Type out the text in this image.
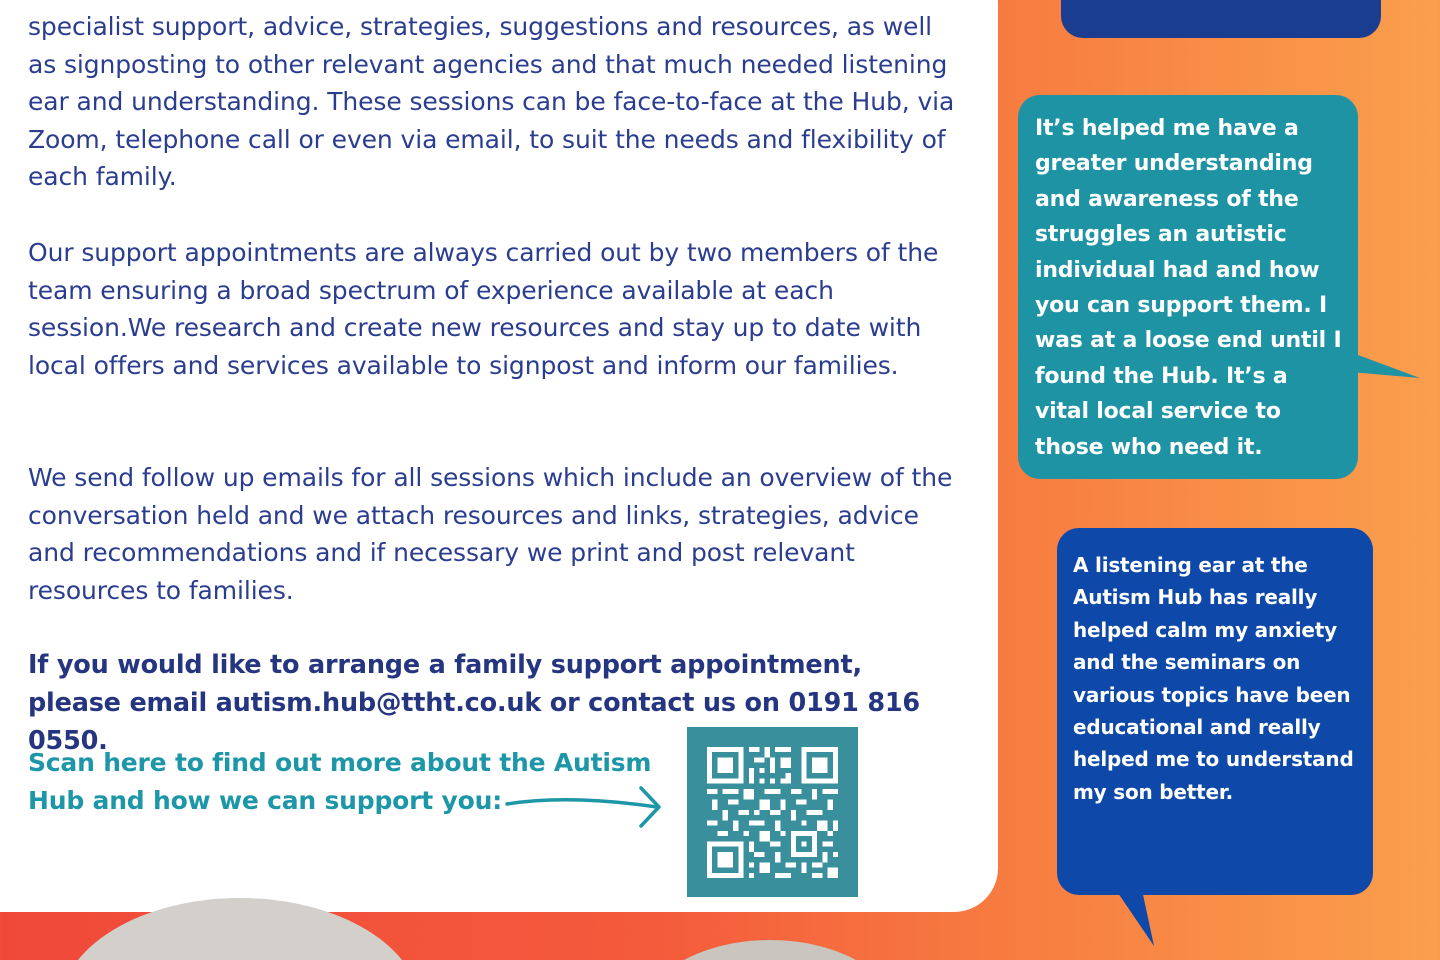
specialist support, advice, strategies, suggestions and resources, as well as signposting to other relevant agencies and that much needed listening ear and understanding. These sessions can be face-to-face at the Hub, via Zoom, telephone call or even via email, to suit the needs and flexibility of each family.

Our support appointments are always carried out by two members of the team ensuring a broad spectrum of experience available at each session.We research and create new resources and stay up to date with local offers and services available to signpost and inform our families.

We send follow up emails for all sessions which include an overview of the conversation held and we attach resources and links, strategies, advice and recommendations and if necessary we print and post relevant resources to families.

If you would like to arrange a family support appointment, please email autism.hub@ttht.co.uk or contact us on 0191 816 0550.

Scan here to find out more about the Autism Hub and how we can support you:

It’s helped me have a greater understanding and awareness of the struggles an autistic individual had and how you can support them. I was at a loose end until I found the Hub. It’s a vital local service to those who need it.
A listening ear at the Autism Hub has really helped calm my anxiety and the seminars on various topics have been educational and really helped me to understand my son better.
